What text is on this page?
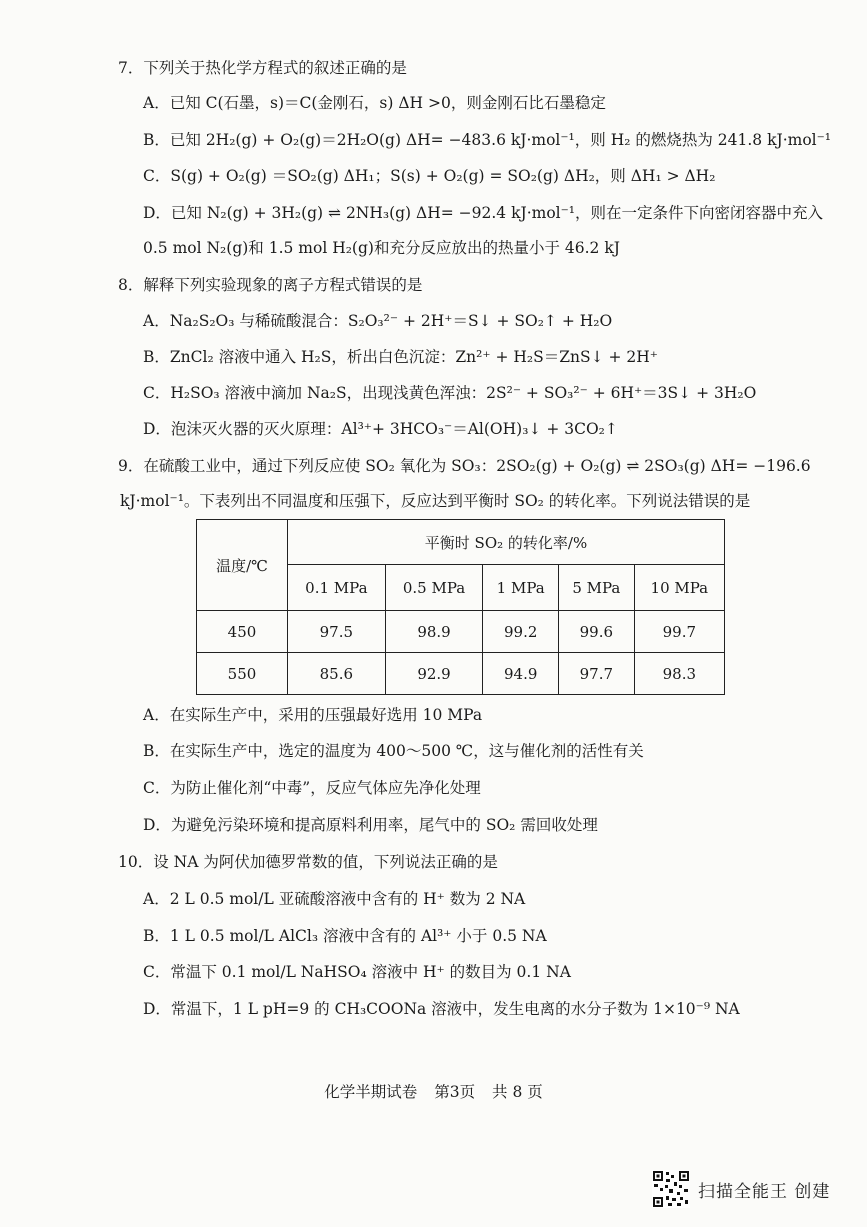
7．下列关于热化学方程式的叙述正确的是
A．已知 C(石墨，s)＝C(金刚石，s) ΔH >0，则金刚石比石墨稳定
B．已知 2H₂(g) + O₂(g)＝2H₂O(g) ΔH= −483.6 kJ·mol⁻¹，则 H₂ 的燃烧热为 241.8 kJ·mol⁻¹
C．S(g) + O₂(g) ＝SO₂(g) ΔH₁；S(s) + O₂(g) = SO₂(g) ΔH₂，则 ΔH₁ > ΔH₂
D．已知 N₂(g) + 3H₂(g) ⇌ 2NH₃(g) ΔH= −92.4 kJ·mol⁻¹，则在一定条件下向密闭容器中充入
0.5 mol N₂(g)和 1.5 mol H₂(g)和充分反应放出的热量小于 46.2 kJ
8．解释下列实验现象的离子方程式错误的是
A．Na₂S₂O₃ 与稀硫酸混合：S₂O₃²⁻ + 2H⁺＝S↓ + SO₂↑ + H₂O
B．ZnCl₂ 溶液中通入 H₂S，析出白色沉淀：Zn²⁺ + H₂S＝ZnS↓ + 2H⁺
C．H₂SO₃ 溶液中滴加 Na₂S，出现浅黄色浑浊：2S²⁻ + SO₃²⁻ + 6H⁺＝3S↓ + 3H₂O
D．泡沫灭火器的灭火原理：Al³⁺+ 3HCO₃⁻＝Al(OH)₃↓ + 3CO₂↑
9．在硫酸工业中，通过下列反应使 SO₂ 氧化为 SO₃：2SO₂(g) + O₂(g) ⇌ 2SO₃(g) ΔH= −196.6
kJ·mol⁻¹。下表列出不同温度和压强下，反应达到平衡时 SO₂ 的转化率。下列说法错误的是
温度/℃	平衡时 SO₂ 的转化率/%				
	0.1 MPa	0.5 MPa	1 MPa	5 MPa	10 MPa
450	97.5	98.9	99.2	99.6	99.7
550	85.6	92.9	94.9	97.7	98.3
A．在实际生产中，采用的压强最好选用 10 MPa
B．在实际生产中，选定的温度为 400～500 ℃，这与催化剂的活性有关
C．为防止催化剂“中毒”，反应气体应先净化处理
D．为避免污染环境和提高原料利用率，尾气中的 SO₂ 需回收处理
10．设 NA 为阿伏加德罗常数的值，下列说法正确的是
A．2 L 0.5 mol/L 亚硫酸溶液中含有的 H⁺ 数为 2 NA
B．1 L 0.5 mol/L AlCl₃ 溶液中含有的 Al³⁺ 小于 0.5 NA
C．常温下 0.1 mol/L NaHSO₄ 溶液中 H⁺ 的数目为 0.1 NA
D．常温下，1 L pH=9 的 CH₃COONa 溶液中，发生电离的水分子数为 1×10⁻⁹ NA
化学半期试卷 第3页 共 8 页
扫描全能王 创建
